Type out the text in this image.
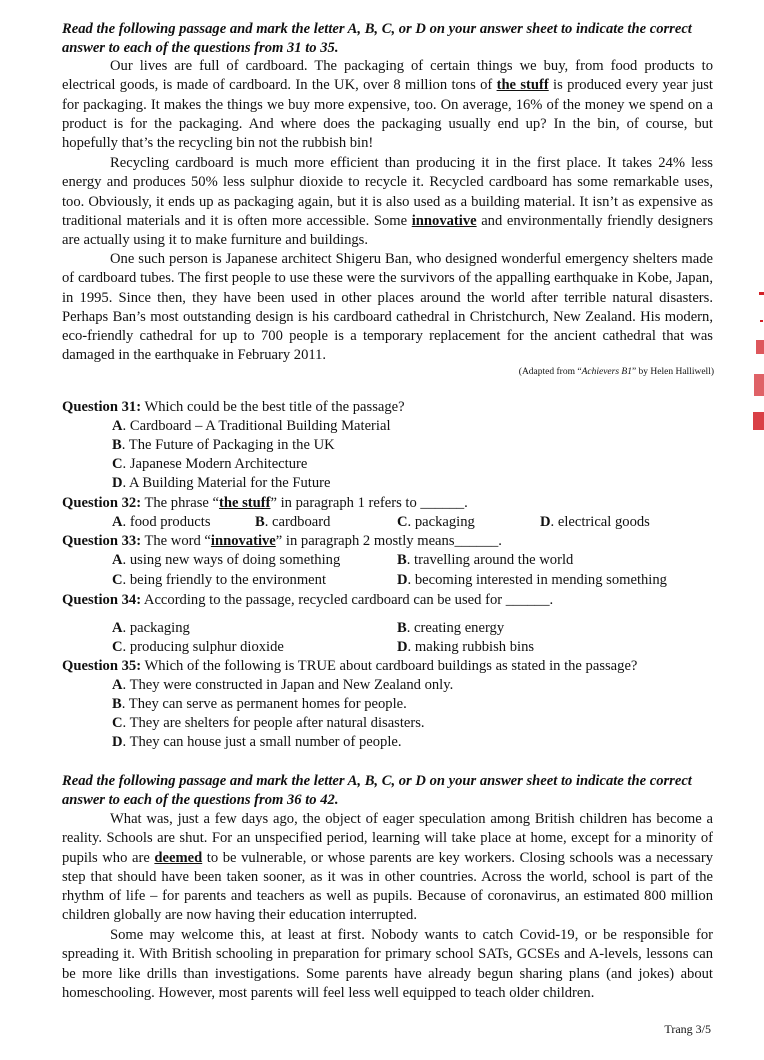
Read the following passage and mark the letter A, B, C, or D on your answer sheet to indicate the correct answer to each of the questions from 31 to 35.

Our lives are full of cardboard. The packaging of certain things we buy, from food products to electrical goods, is made of cardboard. In the UK, over 8 million tons of the stuff is produced every year just for packaging. It makes the things we buy more expensive, too. On average, 16% of the money we spend on a product is for the packaging. And where does the packaging usually end up? In the bin, of course, but hopefully that’s the recycling bin not the rubbish bin!

Recycling cardboard is much more efficient than producing it in the first place. It takes 24% less energy and produces 50% less sulphur dioxide to recycle it. Recycled cardboard has some remarkable uses, too. Obviously, it ends up as packaging again, but it is also used as a building material. It isn’t as expensive as traditional materials and it is often more accessible. Some innovative and environmentally friendly designers are actually using it to make furniture and buildings.

One such person is Japanese architect Shigeru Ban, who designed wonderful emergency shelters made of cardboard tubes. The first people to use these were the survivors of the appalling earthquake in Kobe, Japan, in 1995. Since then, they have been used in other places around the world after terrible natural disasters. Perhaps Ban’s most outstanding design is his cardboard cathedral in Christchurch, New Zealand. His modern, eco-friendly cathedral for up to 700 people is a temporary replacement for the ancient cathedral that was damaged in the earthquake in February 2011.

(Adapted from “Achievers B1” by Helen Halliwell)
Question 31: Which could be the best title of the passage?
A. Cardboard – A Traditional Building Material
B. The Future of Packaging in the UK
C. Japanese Modern Architecture
D. A Building Material for the Future
Question 32: The phrase “the stuff” in paragraph 1 refers to ______.
A. food products	B. cardboard	C. packaging	D. electrical goods
Question 33: The word “innovative” in paragraph 2 mostly means______.
A. using new ways of doing something	B. travelling around the world
C. being friendly to the environment	D. becoming interested in mending something
Question 34: According to the passage, recycled cardboard can be used for ______.
A. packaging	B. creating energy
C. producing sulphur dioxide	D. making rubbish bins
Question 35: Which of the following is TRUE about cardboard buildings as stated in the passage?
A. They were constructed in Japan and New Zealand only.
B. They can serve as permanent homes for people.
C. They are shelters for people after natural disasters.
D. They can house just a small number of people.
Read the following passage and mark the letter A, B, C, or D on your answer sheet to indicate the correct answer to each of the questions from 36 to 42.

What was, just a few days ago, the object of eager speculation among British children has become a reality. Schools are shut. For an unspecified period, learning will take place at home, except for a minority of pupils who are deemed to be vulnerable, or whose parents are key workers. Closing schools was a necessary step that should have been taken sooner, as it was in other countries. Across the world, school is part of the rhythm of life – for parents and teachers as well as pupils. Because of coronavirus, an estimated 800 million children globally are now having their education interrupted.

Some may welcome this, at least at first. Nobody wants to catch Covid-19, or be responsible for spreading it. With British schooling in preparation for primary school SATs, GCSEs and A-levels, lessons can be more like drills than investigations. Some parents have already begun sharing plans (and jokes) about homeschooling. However, most parents will feel less well equipped to teach older children.

Trang 3/5
